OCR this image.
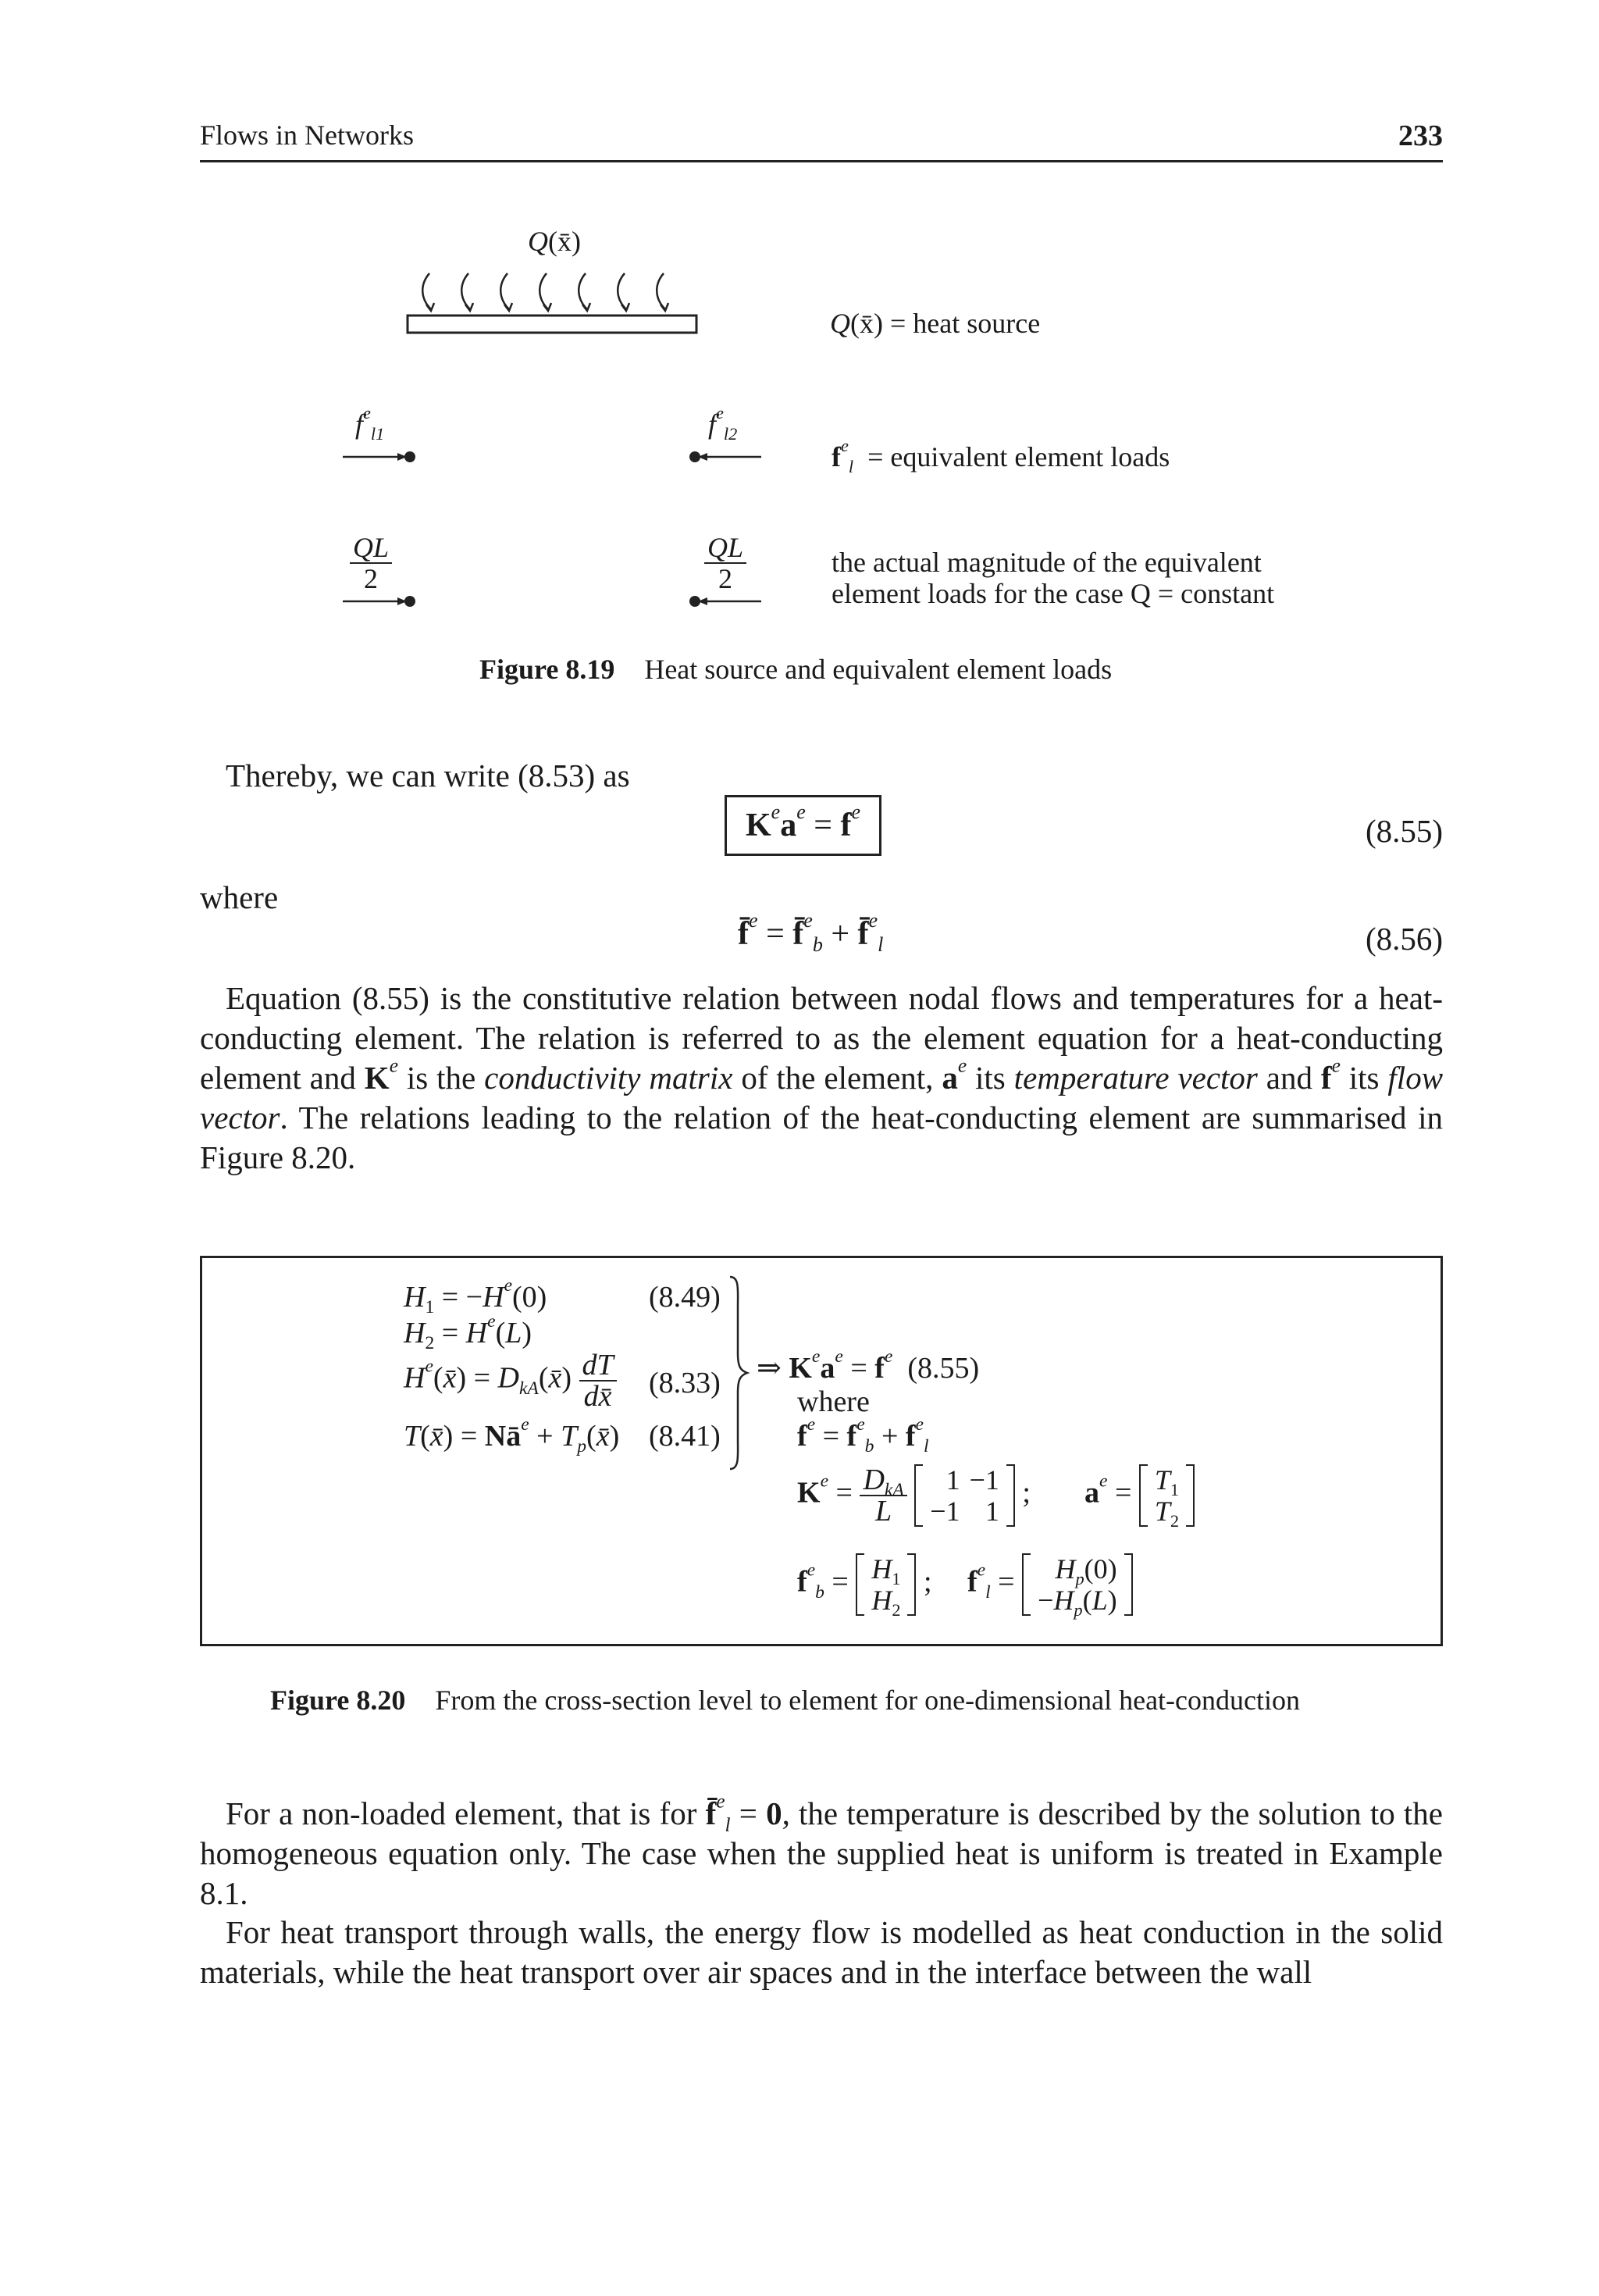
Flows in Networks	233
Q(x̄)
Q(x̄) = heat source
$f^e_{l1}$	$f^e_{l2}$
$f^e_l$ = equivalent element loads
$\frac{QL}{2}$	$\frac{QL}{2}$	the actual magnitude of the equivalent
element loads for the case Q = constant
Figure 8.19 Heat source and equivalent element loads
Thereby, we can write (8.53) as
$K^ea^e = f^e$
(8.55)
where
f̄$^e$ = f̄$^e_b$ + f̄$^e_l$	(8.56)
Equation (8.55) is the constitutive relation between nodal flows and temperatures for a heat-conducting element. The relation is referred to as the element equation for a heat-conducting element and $K^e$ is the conductivity matrix of the element, $a^e$ its temperature vector and $f^e$ its flow vector. The relations leading to the relation of the heat-conducting element are summarised in Figure 8.20.
$H_1 = -H^e(0)$	(8.49)
$H_2 = H^e(L)$
$H^e(x̄)$ = $D_{kA}(x̄) \frac{dT}{dx̄} (8.33)$
T(x̄) = $Nā^e$ + $T_p(x̄)$ (8.41)
⇒ $K^ea^e = f^e$ (8.55)
where
$f^e = f^e_b + f^e_l$
$K^e = \frac{D_{kA}}{L}$
1	−1
−1	1
; $a^e = T_1$
$T_2$
$f^e_b = H_1$
$H_2$
; $f^e_l = H_p(0)$
$-H_p(L)$
Figure 8.20 From the cross-section level to element for one-dimensional heat-conduction
For a non-loaded element, that is for f̄$^e_l$ = 0, the temperature is described by the solution to the homogeneous equation only. The case when the supplied heat is uniform is treated in Example 8.1.
For heat transport through walls, the energy flow is modelled as heat conduction in the solid materials, while the heat transport over air spaces and in the interface between the wall
